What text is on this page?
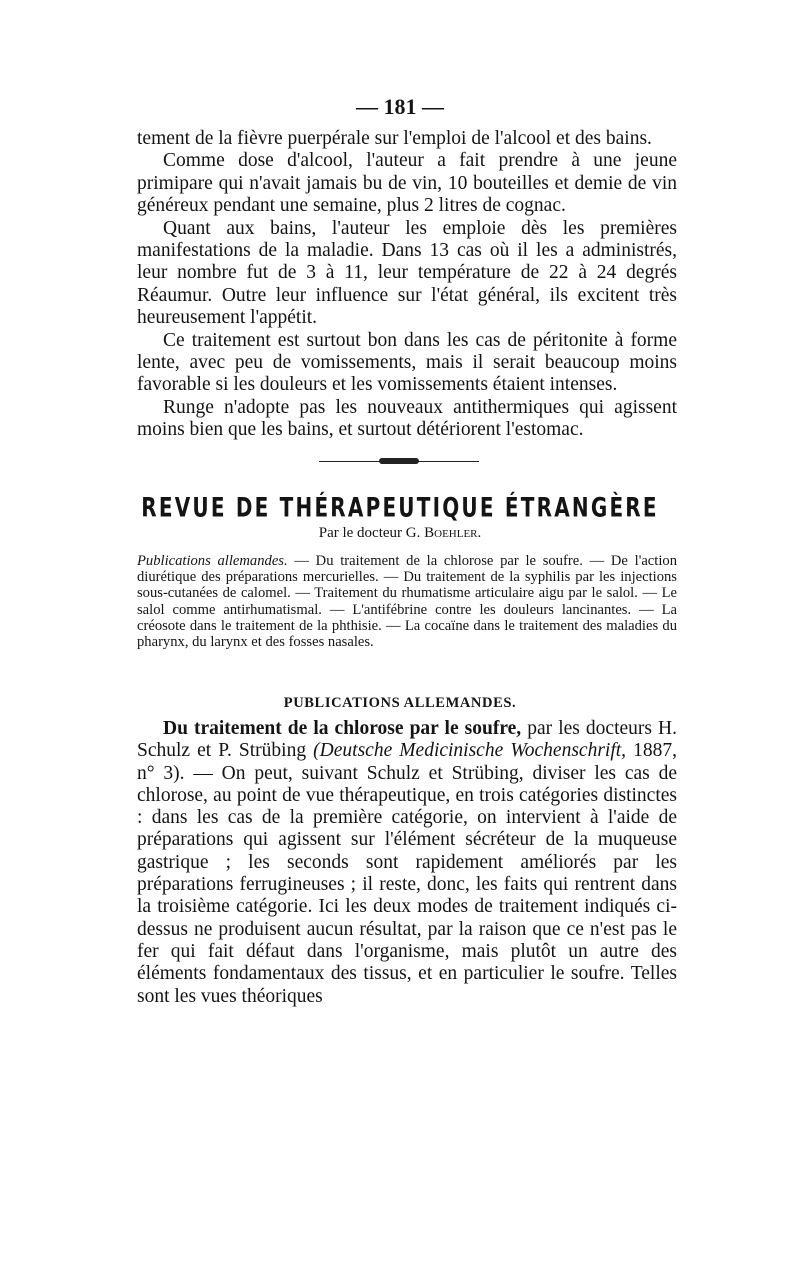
— 181 —

tement de la fièvre puerpérale sur l'emploi de l'alcool et des bains.
Comme dose d'alcool, l'auteur a fait prendre à une jeune primipare qui n'avait jamais bu de vin, 10 bouteilles et demie de vin généreux pendant une semaine, plus 2 litres de cognac.
Quant aux bains, l'auteur les emploie dès les premières manifestations de la maladie. Dans 13 cas où il les a administrés, leur nombre fut de 3 à 11, leur température de 22 à 24 degrés Réaumur. Outre leur influence sur l'état général, ils excitent très heureusement l'appétit.
Ce traitement est surtout bon dans les cas de péritonite à forme lente, avec peu de vomissements, mais il serait beaucoup moins favorable si les douleurs et les vomissements étaient intenses.
Runge n'adopte pas les nouveaux antithermiques qui agissent moins bien que les bains, et surtout détériorent l'estomac.

REVUE DE THÉRAPEUTIQUE ÉTRANGÈRE
Par le docteur G. Boehler.
Publications allemandes. — Du traitement de la chlorose par le soufre. — De l'action diurétique des préparations mercurielles. — Du traitement de la syphilis par les injections sous-cutanées de calomel. — Traitement du rhumatisme articulaire aigu par le salol. — Le salol comme antirhumatismal. — L'antifébrine contre les douleurs lancinantes. — La créosote dans le traitement de la phthisie. — La cocaïne dans le traitement des maladies du pharynx, du larynx et des fosses nasales.
PUBLICATIONS ALLEMANDES.

Du traitement de la chlorose par le soufre, par les docteurs H. Schulz et P. Strübing (Deutsche Medicinische Wochenschrift, 1887, n° 3). — On peut, suivant Schulz et Strübing, diviser les cas de chlorose, au point de vue thérapeutique, en trois catégories distinctes : dans les cas de la première catégorie, on intervient à l'aide de préparations qui agissent sur l'élément sécréteur de la muqueuse gastrique ; les seconds sont rapidement améliorés par les préparations ferrugineuses ; il reste, donc, les faits qui rentrent dans la troisième catégorie. Ici les deux modes de traitement indiqués ci-dessus ne produisent aucun résultat, par la raison que ce n'est pas le fer qui fait défaut dans l'organisme, mais plutôt un autre des éléments fondamentaux des tissus, et en particulier le soufre. Telles sont les vues théoriques
